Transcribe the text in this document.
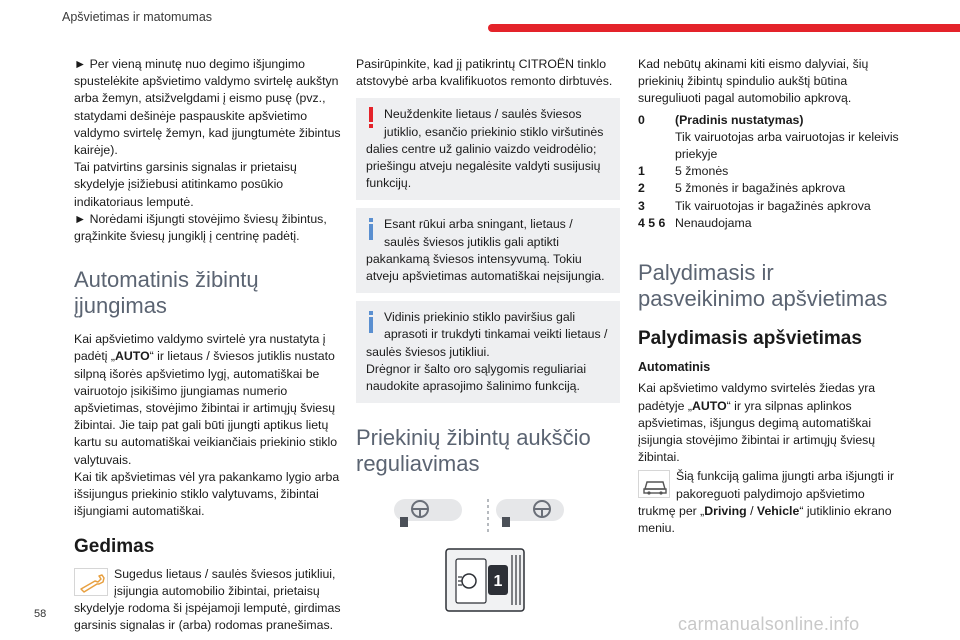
Apšvietimas ir matomumas

► Per vieną minutę nuo degimo išjungimo spustelėkite apšvietimo valdymo svirtelę aukštyn arba žemyn, atsižvelgdami į eismo pusę (pvz., statydami dešinėje paspauskite apšvietimo valdymo svirtelę žemyn, kad įjungtumėte žibintus kairėje).

Tai patvirtins garsinis signalas ir prietaisų skydelyje įsižiebusi atitinkamo posūkio indikatoriaus lemputė.

► Norėdami išjungti stovėjimo šviesų žibintus, grąžinkite šviesų jungiklį į centrinę padėtį.

Automatinis žibintų įjungimas

Kai apšvietimo valdymo svirtelė yra nustatyta į padėtį „AUTO“ ir lietaus / šviesos jutiklis nustato silpną išorės apšvietimo lygį, automatiškai be vairuotojo įsikišimo įjungiamas numerio apšvietimas, stovėjimo žibintai ir artimųjų šviesų žibintai. Jie taip pat gali būti įjungti aptikus lietų kartu su automatiškai veikiančiais priekinio stiklo valytuvais.

Kai tik apšvietimas vėl yra pakankamo lygio arba išsijungus priekinio stiklo valytuvams, žibintai išjungiami automatiškai.

Gedimas
Sugedus lietaus / saulės šviesos jutikliui,
įsijungia automobilio žibintai, prietaisų
skydelyje rodoma ši įspėjamoji lemputė, girdimas garsinis signalas ir (arba) rodomas pranešimas.

Pasirūpinkite, kad jį patikrintų CITROËN tinklo atstovybė arba kvalifikuotos remonto dirbtuvės.

Neuždenkite lietaus / saulės šviesos
jutiklio, esančio priekinio stiklo viršutinės
dalies centre už galinio vaizdo veidrodėlio; priešingu atveju negalėsite valdyti susijusių funkcijų.
Esant rūkui arba sningant, lietaus /
saulės šviesos jutiklis gali aptikti
pakankamą šviesos intensyvumą. Tokiu atveju apšvietimas automatiškai neįsijungia.
Vidinis priekinio stiklo paviršius gali
aprasoti ir trukdyti tinkamai veikti lietaus /
saulės šviesos jutikliui.
Drėgnor ir šalto oro sąlygomis reguliariai naudokite aprasojimo šalinimo funkciją.
Priekinių žibintų aukščio reguliavimas
1

Kad nebūtų akinami kiti eismo dalyviai, šių priekinių žibintų spindulio aukštį būtina sureguliuoti pagal automobilio apkrovą.

0	(Pradinis nustatymas)
Tik vairuotojas arba vairuotojas ir keleivis priekyje
1	5 žmonės
2	5 žmonės ir bagažinės apkrova
3	Tik vairuotojas ir bagažinės apkrova
4 5 6 Nenaudojama
Palydimasis ir pasveikinimo apšvietimas
Palydimasis apšvietimas
Automatinis

Kai apšvietimo valdymo svirtelės žiedas yra padėtyje „AUTO“ ir yra silpnas aplinkos apšvietimas, išjungus degimą automatiškai įsijungia stovėjimo žibintai ir artimųjų šviesų žibintai.

Šią funkciją galima įjungti arba išjungti ir
pakoreguoti palydimojo apšvietimo
trukmę per „Driving / Vehicle“ jutiklinio ekrano meniu.
58	carmanualsonline.info
